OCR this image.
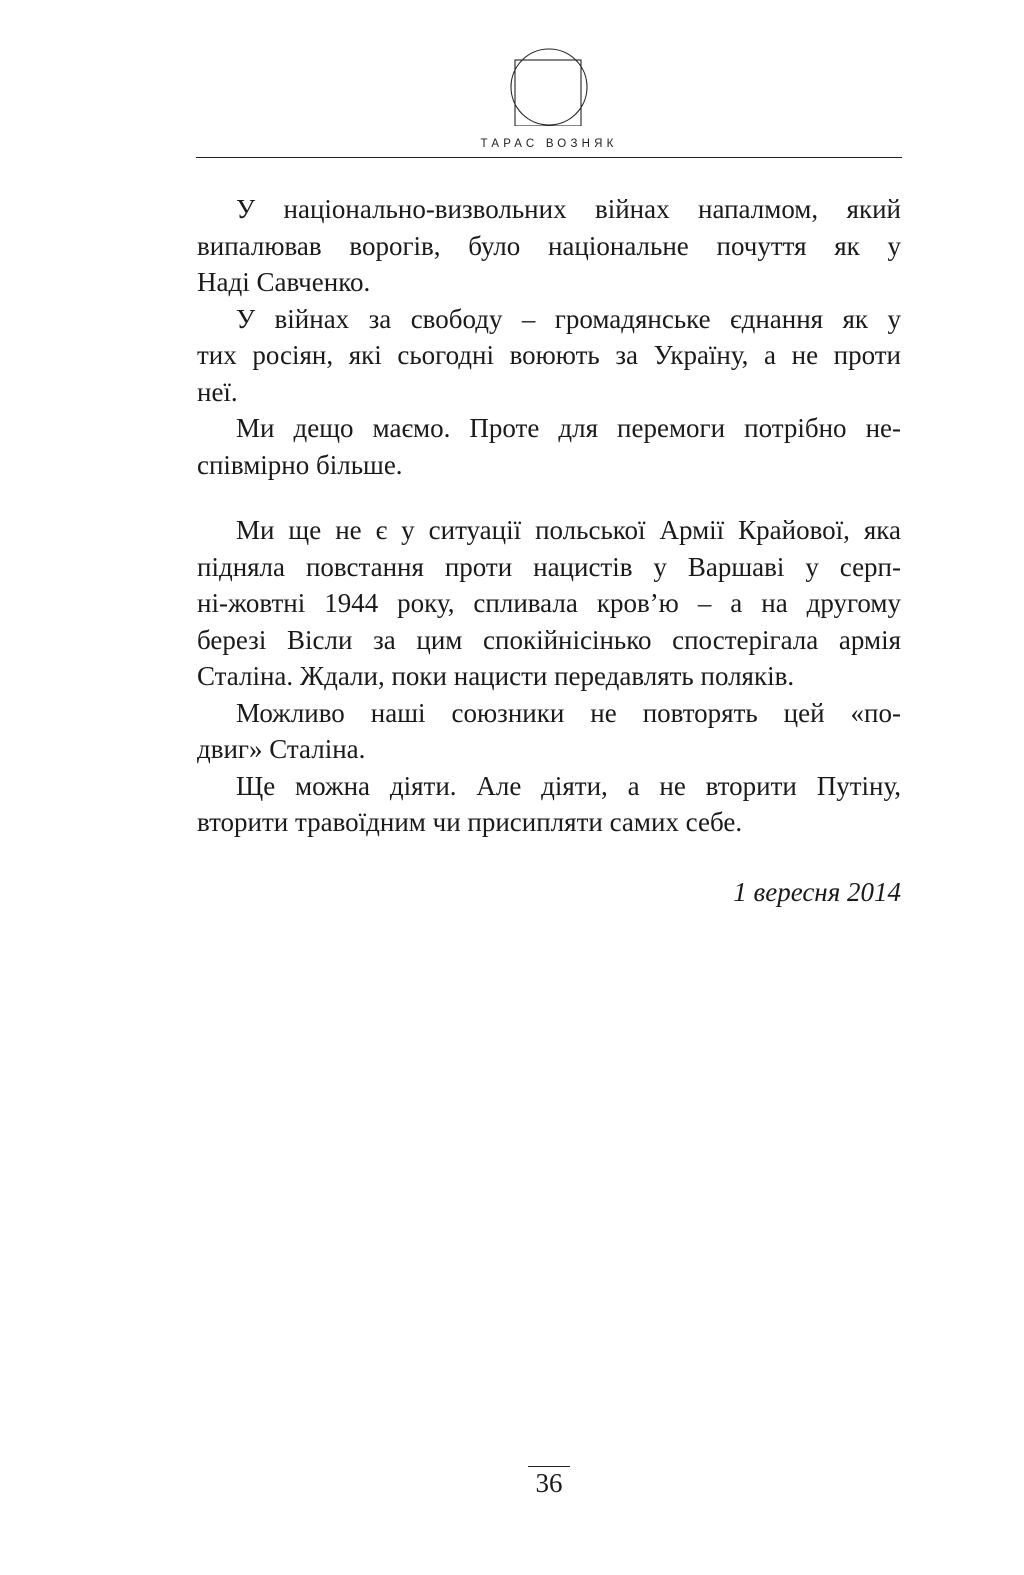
ТАРАС ВОЗНЯК
У національно-визвольних війнах напалмом, який
випалював ворогів, було національне почуття як у
Наді Савченко.
У війнах за свободу – громадянське єднання як у
тих росіян, які сьогодні воюють за Україну, а не проти
неї.
Ми дещо маємо. Проте для перемоги потрібно не-
співмірно більше.
Ми ще не є у ситуації польської Армії Крайової, яка
підняла повстання проти нацистів у Варшаві у серп-
ні-жовтні 1944 року, спливала кров’ю – а на другому
березі Вісли за цим спокійнісінько спостерігала армія
Сталіна. Ждали, поки нацисти передавлять поляків.
Можливо наші союзники не повторять цей «по-
двиг» Сталіна.
Ще можна діяти. Але діяти, а не вторити Путіну,
вторити травоїдним чи присипляти самих себе.
1 вересня 2014
36
